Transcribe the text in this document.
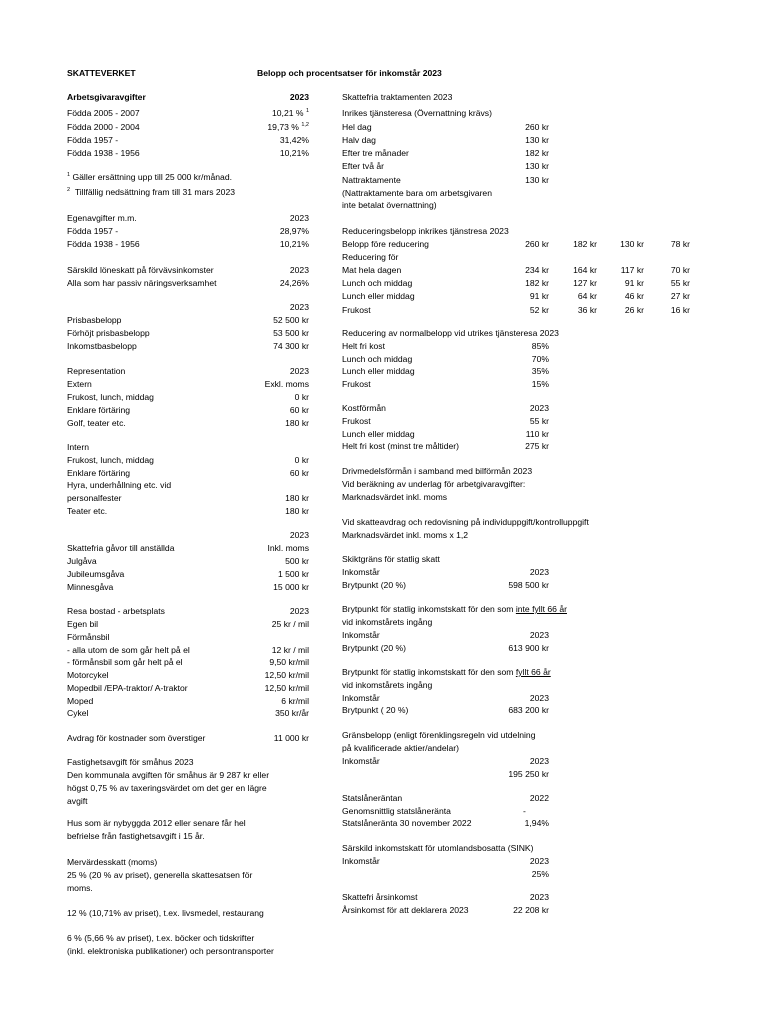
SKATTEVERKET	Belopp och procentsatser för inkomstår 2023
Arbetsgivaravgifter	2023
Födda 2005 - 2007	10,21 % $^1$
Födda 2000 - 2004	19,73 % $^{1,2}$
Födda 1957 -	31,42%
Födda 1938 - 1956	10,21%
$^1$ Gäller ersättning upp till 25 000 kr/månad.
$^2$ Tillfällig nedsättning fram till 31 mars 2023
Egenavgifter m.m.	2023
Födda 1957 -	28,97%
Födda 1938 - 1956	10,21%
Särskild löneskatt på förvävsinkomster	2023
Alla som har passiv näringsverksamhet	24,26%
2023
Prisbasbelopp	52 500 kr
Förhöjt prisbasbelopp	53 500 kr
Inkomstbasbelopp	74 300 kr
Representation	2023
Extern	Exkl. moms
Frukost, lunch, middag	0 kr
Enklare förtäring	60 kr
Golf, teater etc.	180 kr
Intern
Frukost, lunch, middag	0 kr
Enklare förtäring	60 kr
Hyra, underhållning etc. vid
personalfester	180 kr
Teater etc.	180 kr
2023
Skattefria gåvor till anställda	Inkl. moms
Julgåva	500 kr
Jubileumsgåva	1 500 kr
Minnesgåva	15 000 kr
Resa bostad - arbetsplats	2023
Egen bil	25 kr / mil
Förmånsbil
- alla utom de som går helt på el	12 kr / mil
- förmånsbil som går helt på el	9,50 kr/mil
Motorcykel	12,50 kr/mil
Mopedbil /EPA-traktor/ A-traktor	12,50 kr/mil
Moped	6 kr/mil
Cykel	350 kr/år
Avdrag för kostnader som överstiger	11 000 kr
Fastighetsavgift för småhus 2023
Den kommunala avgiften för småhus är 9 287 kr eller
högst 0,75 % av taxeringsvärdet om det ger en lägre
avgift
Hus som är nybyggda 2012 eller senare får hel
befrielse från fastighetsavgift i 15 år.
Mervärdesskatt (moms)
25 % (20 % av priset), generella skattesatsen för
moms.
12 % (10,71% av priset), t.ex. livsmedel, restaurang
6 % (5,66 % av priset), t.ex. böcker och tidskrifter
(inkl. elektroniska publikationer) och persontransporter
Skattefria traktamenten 2023
Inrikes tjänsteresa (Övernattning krävs)
Hel dag	260 kr
Halv dag	130 kr
Efter tre månader	182 kr
Efter två år	130 kr
Nattraktamente	130 kr
(Nattraktamente bara om arbetsgivaren
inte betalat övernattning)
Reduceringsbelopp inkrikes tjänstresa 2023
Belopp före reducering	260 kr	182 kr	130 kr	78 kr
Reducering för
Mat hela dagen	234 kr	164 kr	117 kr	70 kr
Lunch och middag	182 kr	127 kr	91 kr	55 kr
Lunch eller middag	91 kr	64 kr	46 kr	27 kr
Frukost	52 kr	36 kr	26 kr	16 kr
Reducering av normalbelopp vid utrikes tjänsteresa 2023
Helt fri kost	85%
Lunch och middag	70%
Lunch eller middag	35%
Frukost	15%
Kostförmån	2023
Frukost	55 kr
Lunch eller middag	110 kr
Helt fri kost (minst tre måltider)	275 kr
Drivmedelsförmån i samband med bilförmån 2023
Vid beräkning av underlag för arbetgivaravgifter:
Marknadsvärdet inkl. moms
Vid skatteavdrag och redovisning på individuppgift/kontrolluppgift
Marknadsvärdet inkl. moms x 1,2
Skiktgräns för statlig skatt
Inkomstår	2023
Brytpunkt (20 %)	598 500 kr
Brytpunkt för statlig inkomstskatt för den som inte fyllt 66 år
vid inkomstårets ingång
Inkomstår	2023
Brytpunkt (20 %)	613 900 kr
Brytpunkt för statlig inkomstskatt för den som fyllt 66 år
vid inkomstårets ingång
Inkomstår	2023
Brytpunkt ( 20 %)	683 200 kr
Gränsbelopp (enligt förenklingsregeln vid utdelning
på kvalificerade aktier/andelar)
Inkomstår	2023
195 250 kr
Statslåneräntan	2022
Genomsnittlig statslåneränta	-
Statslåneränta 30 november 2022	1,94%
Särskild inkomstskatt för utomlandsbosatta (SINK)
Inkomstår	2023
25%
Skattefri årsinkomst	2023
Årsinkomst för att deklarera 2023	22 208 kr
